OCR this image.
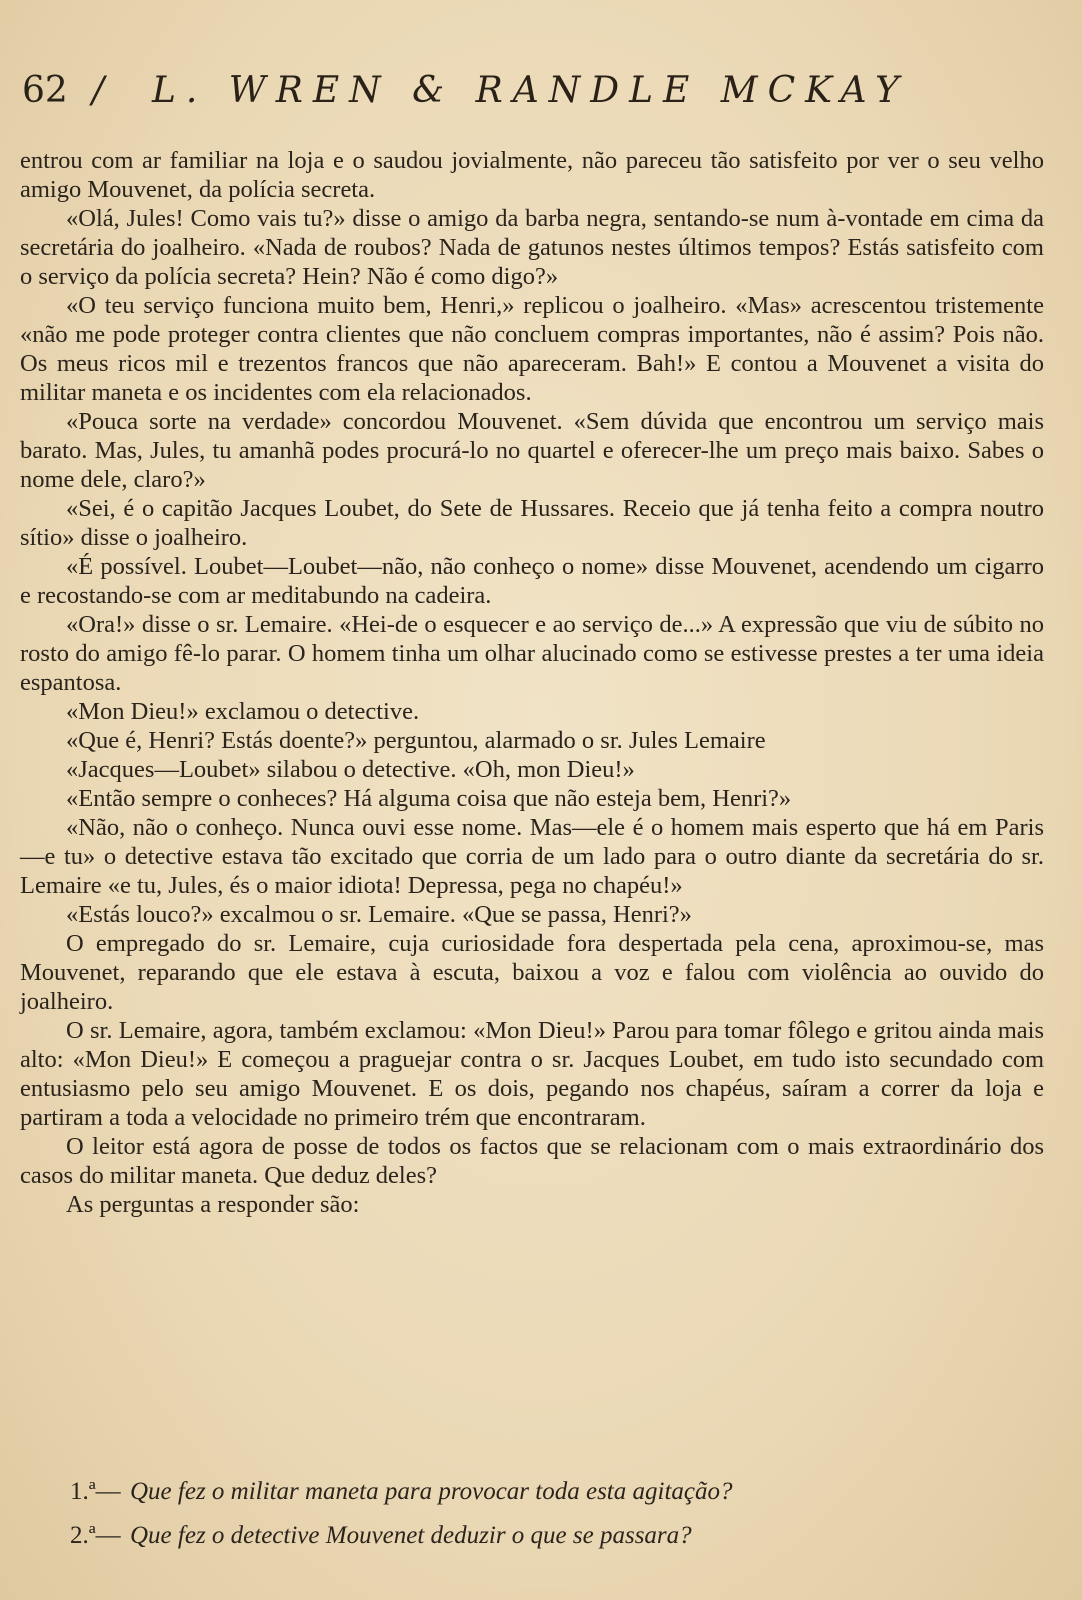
62 /	L. WREN & RANDLE MCKAY

entrou com ar familiar na loja e o saudou jovialmente, não pareceu tão satisfeito por ver o seu velho amigo Mouvenet, da polícia secreta.

«Olá, Jules! Como vais tu?» disse o amigo da barba negra, sentando-se num à-vontade em cima da secretária do joalheiro. «Nada de roubos? Nada de gatunos nestes últimos tempos? Estás satisfeito com o serviço da polícia secreta? Hein? Não é como digo?»

«O teu serviço funciona muito bem, Henri,» replicou o joalheiro. «Mas» acrescentou tristemente «não me pode proteger contra clientes que não concluem compras importantes, não é assim? Pois não. Os meus ricos mil e trezentos francos que não apareceram. Bah!» E contou a Mouvenet a visita do militar maneta e os incidentes com ela relacionados.

«Pouca sorte na verdade» concordou Mouvenet. «Sem dúvida que encontrou um serviço mais barato. Mas, Jules, tu amanhã podes procurá-lo no quartel e oferecer-lhe um preço mais baixo. Sabes o nome dele, claro?»

«Sei, é o capitão Jacques Loubet, do Sete de Hussares. Receio que já tenha feito a compra noutro sítio» disse o joalheiro.

«É possível. Loubet—Loubet—não, não conheço o nome» disse Mouvenet, acendendo um cigarro e recostando-se com ar meditabundo na cadeira.

«Ora!» disse o sr. Lemaire. «Hei-de o esquecer e ao serviço de...» A expressão que viu de súbito no rosto do amigo fê-lo parar. O homem tinha um olhar alucinado como se estivesse prestes a ter uma ideia espantosa.

«Mon Dieu!» exclamou o detective.

«Que é, Henri? Estás doente?» perguntou, alarmado o sr. Jules Lemaire

«Jacques—Loubet» silabou o detective. «Oh, mon Dieu!»

«Então sempre o conheces? Há alguma coisa que não esteja bem, Henri?»

«Não, não o conheço. Nunca ouvi esse nome. Mas—ele é o homem mais esperto que há em Paris—e tu» o detective estava tão excitado que corria de um lado para o outro diante da secretária do sr. Lemaire «e tu, Jules, és o maior idiota! Depressa, pega no chapéu!»

«Estás louco?» excalmou o sr. Lemaire. «Que se passa, Henri?»

O empregado do sr. Lemaire, cuja curiosidade fora despertada pela cena, aproximou-se, mas Mouvenet, reparando que ele estava à escuta, baixou a voz e falou com violência ao ouvido do joalheiro.

O sr. Lemaire, agora, também exclamou: «Mon Dieu!» Parou para tomar fôlego e gritou ainda mais alto: «Mon Dieu!» E começou a praguejar contra o sr. Jacques Loubet, em tudo isto secundado com entusiasmo pelo seu amigo Mouvenet. E os dois, pegando nos chapéus, saíram a correr da loja e partiram a toda a velocidade no primeiro trém que encontraram.

O leitor está agora de posse de todos os factos que se relacionam com o mais extraordinário dos casos do militar maneta. Que deduz deles?

As perguntas a responder são:

1.ª— Que fez o militar maneta para provocar toda esta agitação?
2.ª— Que fez o detective Mouvenet deduzir o que se passara?
